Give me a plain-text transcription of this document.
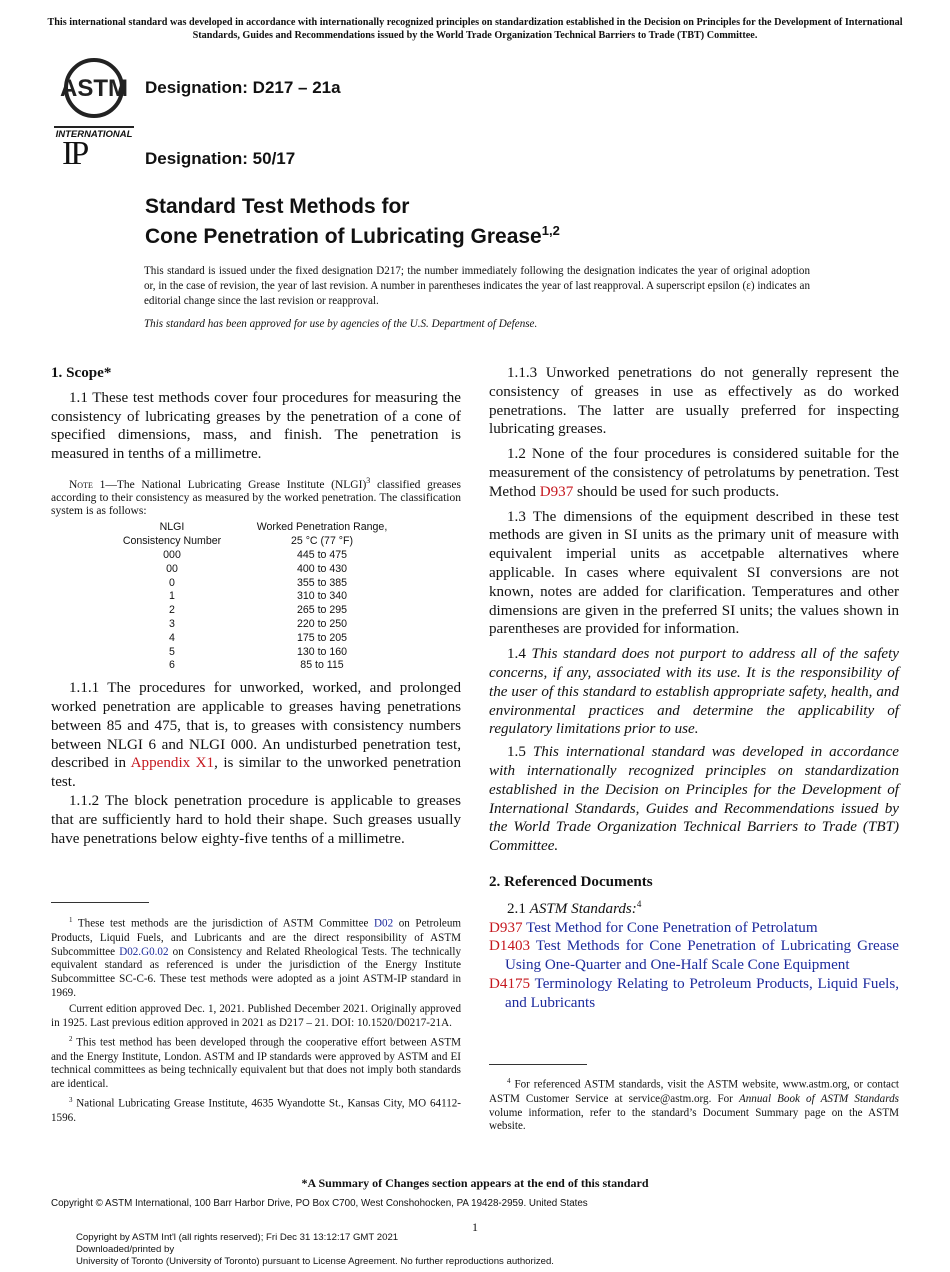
This international standard was developed in accordance with internationally recognized principles on standardization established in the Decision on Principles for the Development of International Standards, Guides and Recommendations issued by the World Trade Organization Technical Barriers to Trade (TBT) Committee.
ASTM
INTERNATIONAL
Designation: D217 – 21a
IP	Designation: 50/17
Standard Test Methods for
Cone Penetration of Lubricating Grease$^{1,2}$
This standard is issued under the fixed designation D217; the number immediately following the designation indicates the year of original adoption or, in the case of revision, the year of last revision. A number in parentheses indicates the year of last reapproval. A superscript epsilon (ε) indicates an editorial change since the last revision or reapproval.
This standard has been approved for use by agencies of the U.S. Department of Defense.
1. Scope*

1.1 These test methods cover four procedures for measuring the consistency of lubricating greases by the penetration of a cone of specified dimensions, mass, and finish. The penetration is measured in tenths of a millimetre.

Note 1—The National Lubricating Grease Institute (NLGI)$^3$ classified greases according to their consistency as measured by the worked penetration. The classification system is as follows:
NLGI	Worked Penetration Range,
Consistency Number	25 °C (77 °F)
000	445 to 475
00	400 to 430
0	355 to 385
1	310 to 340
2	265 to 295
3	220 to 250
4	175 to 205
5	130 to 160
6	85 to 115

1.1.1 The procedures for unworked, worked, and prolonged worked penetration are applicable to greases having penetrations between 85 and 475, that is, to greases with consistency numbers between NLGI 6 and NLGI 000. An undisturbed penetration test, described in Appendix X1, is similar to the unworked penetration test.

1.1.2 The block penetration procedure is applicable to greases that are sufficiently hard to hold their shape. Such greases usually have penetrations below eighty-five tenths of a millimetre.

$^1$ These test methods are the jurisdiction of ASTM Committee D02 on Petroleum Products, Liquid Fuels, and Lubricants and are the direct responsibility of ASTM Subcommittee D02.G0.02 on Consistency and Related Rheological Tests. The technically equivalent standard as referenced is under the jurisdiction of the Energy Institute Subcommittee SC-C-6. These test methods were adopted as a joint ASTM-IP standard in 1969.

Current edition approved Dec. 1, 2021. Published December 2021. Originally approved in 1925. Last previous edition approved in 2021 as D217 – 21. DOI: 10.1520/D0217-21A.

$^2$ This test method has been developed through the cooperative effort between ASTM and the Energy Institute, London. ASTM and IP standards were approved by ASTM and EI technical committees as being technically equivalent but that does not imply both standards are identical.

$^3$ National Lubricating Grease Institute, 4635 Wyandotte St., Kansas City, MO 64112-1596.

1.1.3 Unworked penetrations do not generally represent the consistency of greases in use as effectively as do worked penetrations. The latter are usually preferred for inspecting lubricating greases.

1.2 None of the four procedures is considered suitable for the measurement of the consistency of petrolatums by penetration. Test Method D937 should be used for such products.

1.3 The dimensions of the equipment described in these test methods are given in SI units as the primary unit of measure with equivalent imperial units as accetpable alternatives where applicable. In cases where equivalent SI conversions are not known, notes are added for clarification. Temperatures and other dimensions are given in the preferred SI units; the values shown in parentheses are provided for information.

1.4 This standard does not purport to address all of the safety concerns, if any, associated with its use. It is the responsibility of the user of this standard to establish appropriate safety, health, and environmental practices and determine the applicability of regulatory limitations prior to use.

1.5 This international standard was developed in accordance with internationally recognized principles on standardization established in the Decision on Principles for the Development of International Standards, Guides and Recommendations issued by the World Trade Organization Technical Barriers to Trade (TBT) Committee.

2. Referenced Documents

2.1 ASTM Standards:$^4$

D937 Test Method for Cone Penetration of Petrolatum

D1403 Test Methods for Cone Penetration of Lubricating Grease Using One-Quarter and One-Half Scale Cone Equipment

D4175 Terminology Relating to Petroleum Products, Liquid Fuels, and Lubricants

$^4$ For referenced ASTM standards, visit the ASTM website, www.astm.org, or contact ASTM Customer Service at service@astm.org. For Annual Book of ASTM Standards volume information, refer to the standard’s Document Summary page on the ASTM website.

*A Summary of Changes section appears at the end of this standard
Copyright © ASTM International, 100 Barr Harbor Drive, PO Box C700, West Conshohocken, PA 19428-2959. United States
1
Copyright by ASTM Int'l (all rights reserved); Fri Dec 31 13:12:17 GMT 2021
Downloaded/printed by
University of Toronto (University of Toronto) pursuant to License Agreement. No further reproductions authorized.
